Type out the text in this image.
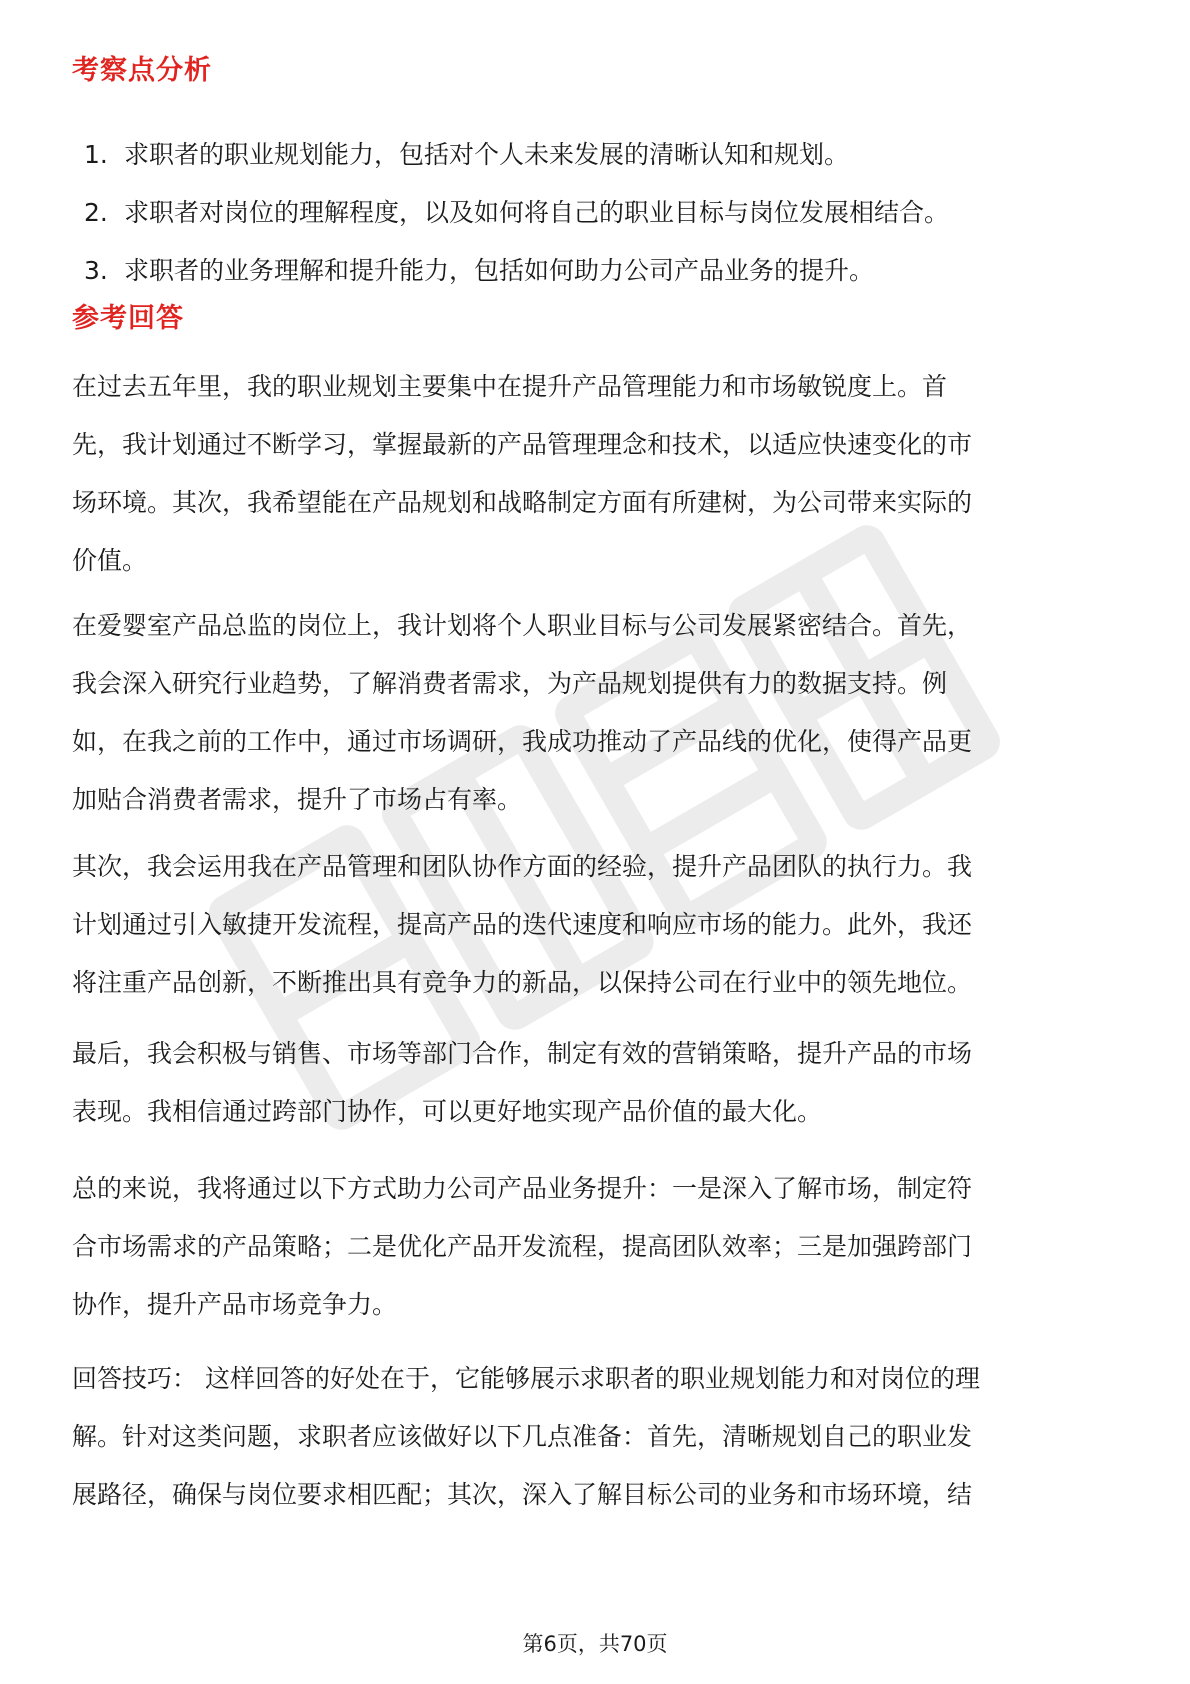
考察点分析
1. 求职者的职业规划能力，包括对个人未来发展的清晰认知和规划。
2. 求职者对岗位的理解程度，以及如何将自己的职业目标与岗位发展相结合。
3. 求职者的业务理解和提升能力，包括如何助力公司产品业务的提升。
参考回答

在过去五年里，我的职业规划主要集中在提升产品管理能力和市场敏锐度上。首
先，我计划通过不断学习，掌握最新的产品管理理念和技术，以适应快速变化的市
场环境。其次，我希望能在产品规划和战略制定方面有所建树，为公司带来实际的
价值。

在爱婴室产品总监的岗位上，我计划将个人职业目标与公司发展紧密结合。首先，
我会深入研究行业趋势，了解消费者需求，为产品规划提供有力的数据支持。例
如，在我之前的工作中，通过市场调研，我成功推动了产品线的优化，使得产品更
加贴合消费者需求，提升了市场占有率。

其次，我会运用我在产品管理和团队协作方面的经验，提升产品团队的执行力。我
计划通过引入敏捷开发流程，提高产品的迭代速度和响应市场的能力。此外，我还
将注重产品创新，不断推出具有竞争力的新品，以保持公司在行业中的领先地位。

最后，我会积极与销售、市场等部门合作，制定有效的营销策略，提升产品的市场
表现。我相信通过跨部门协作，可以更好地实现产品价值的最大化。

总的来说，我将通过以下方式助力公司产品业务提升：一是深入了解市场，制定符
合市场需求的产品策略；二是优化产品开发流程，提高团队效率；三是加强跨部门
协作，提升产品市场竞争力。

回答技巧： 这样回答的好处在于，它能够展示求职者的职业规划能力和对岗位的理
解。针对这类问题，求职者应该做好以下几点准备：首先，清晰规划自己的职业发
展路径，确保与岗位要求相匹配；其次，深入了解目标公司的业务和市场环境，结

第6页，共70页
